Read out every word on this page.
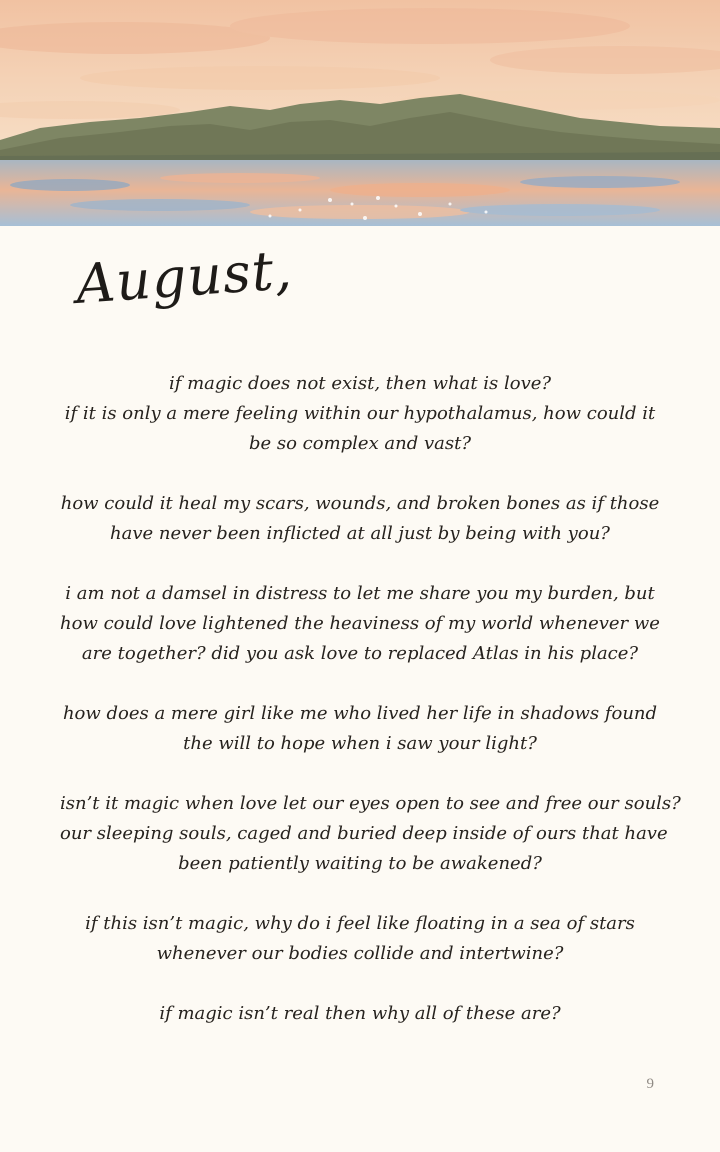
August,
if magic does not exist, then what is love?
if it is only a mere feeling within our hypothalamus, how could it
be so complex and vast?
how could it heal my scars, wounds, and broken bones as if those
have never been inflicted at all just by being with you?
i am not a damsel in distress to let me share you my burden, but
how could love lightened the heaviness of my world whenever we
are together? did you ask love to replaced Atlas in his place?
how does a mere girl like me who lived her life in shadows found
the will to hope when i saw your light?
isn’t it magic when love let our eyes open to see and free our souls?
our sleeping souls, caged and buried deep inside of ours that have
been patiently waiting to be awakened?
if this isn’t magic, why do i feel like floating in a sea of stars
whenever our bodies collide and intertwine?
if magic isn’t real then why all of these are?
9
